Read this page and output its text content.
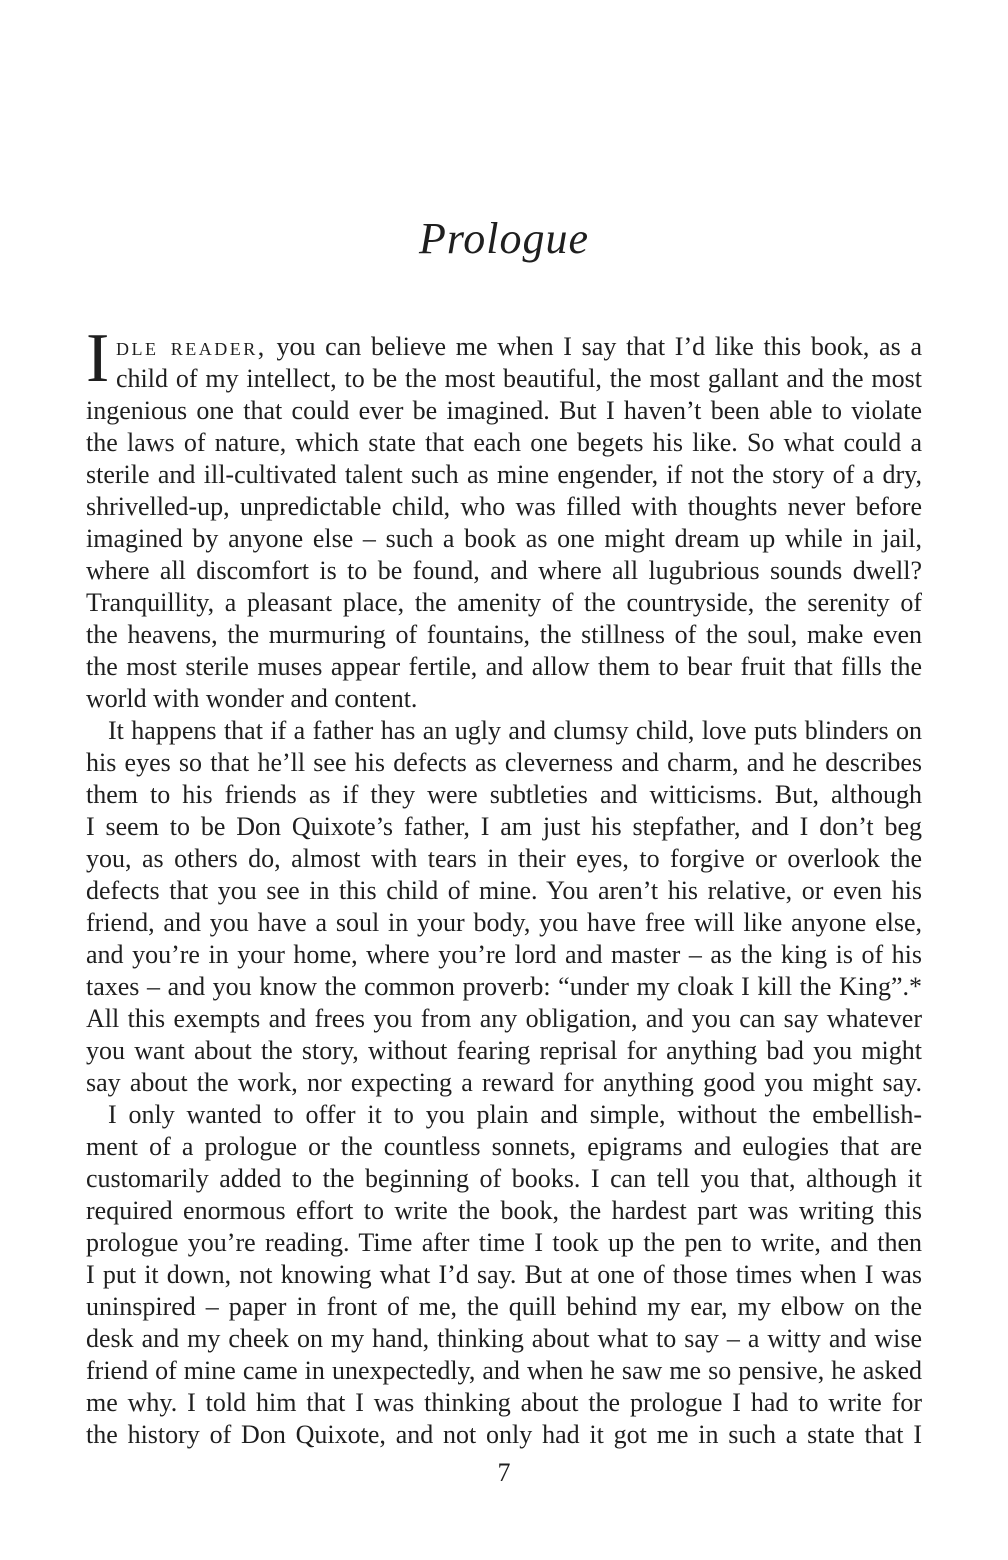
Prologue
I dle reader, you can believe me when I say that I’d like this book, as a
child of my intellect, to be the most beautiful, the most gallant and the most
ingenious one that could ever be imagined. But I haven’t been able to violate
the laws of nature, which state that each one begets his like. So what could a
sterile and ill-cultivated talent such as mine engender, if not the story of a dry,
shrivelled-up, unpredictable child, who was filled with thoughts never before
imagined by anyone else – such a book as one might dream up while in jail,
where all discomfort is to be found, and where all lugubrious sounds dwell?
Tranquillity, a pleasant place, the amenity of the countryside, the serenity of
the heavens, the murmuring of fountains, the stillness of the soul, make even
the most sterile muses appear fertile, and allow them to bear fruit that fills the
world with wonder and content.
It happens that if a father has an ugly and clumsy child, love puts blinders on
his eyes so that he’ll see his defects as cleverness and charm, and he describes
them to his friends as if they were subtleties and witticisms. But, although
I seem to be Don Quixote’s father, I am just his stepfather, and I don’t beg
you, as others do, almost with tears in their eyes, to forgive or overlook the
defects that you see in this child of mine. You aren’t his relative, or even his
friend, and you have a soul in your body, you have free will like anyone else,
and you’re in your home, where you’re lord and master – as the king is of his
taxes – and you know the common proverb: “under my cloak I kill the King”.*
All this exempts and frees you from any obligation, and you can say whatever
you want about the story, without fearing reprisal for anything bad you might
say about the work, nor expecting a reward for anything good you might say.
I only wanted to offer it to you plain and simple, without the embellish-
ment of a prologue or the countless sonnets, epigrams and eulogies that are
customarily added to the beginning of books. I can tell you that, although it
required enormous effort to write the book, the hardest part was writing this
prologue you’re reading. Time after time I took up the pen to write, and then
I put it down, not knowing what I’d say. But at one of those times when I was
uninspired – paper in front of me, the quill behind my ear, my elbow on the
desk and my cheek on my hand, thinking about what to say – a witty and wise
friend of mine came in unexpectedly, and when he saw me so pensive, he asked
me why. I told him that I was thinking about the prologue I had to write for
the history of Don Quixote, and not only had it got me in such a state that I
7
